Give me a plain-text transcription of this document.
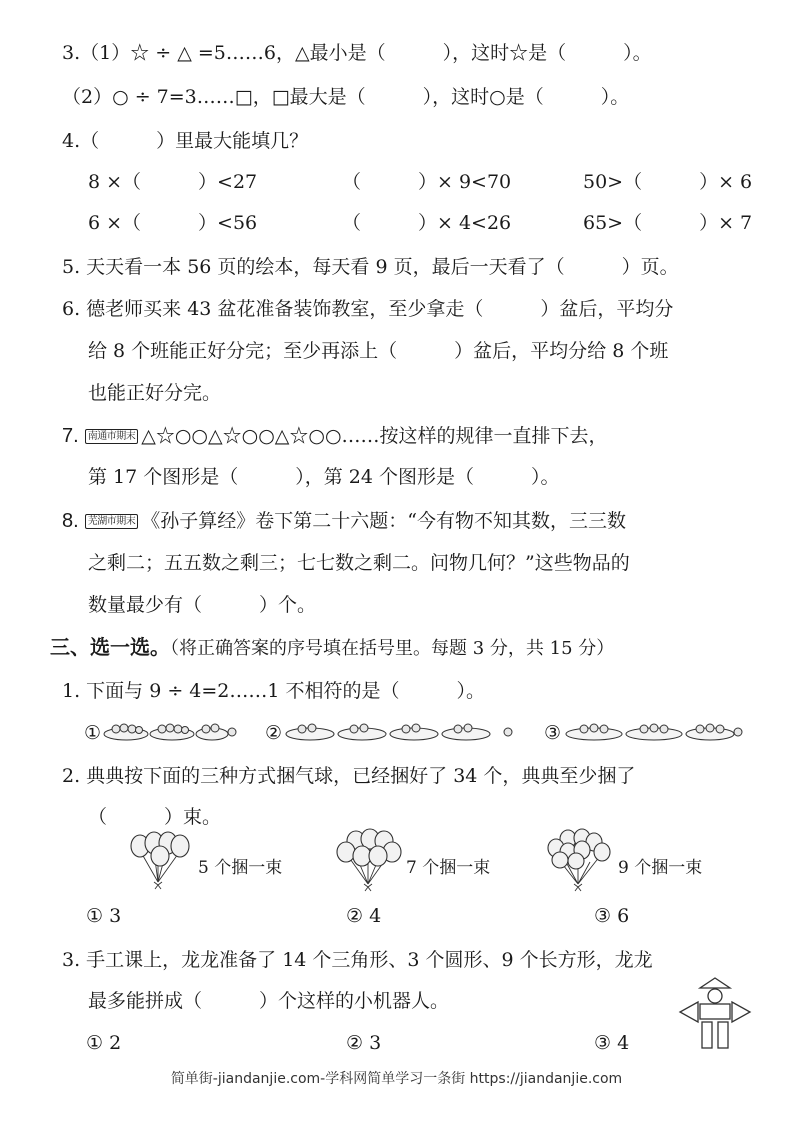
3.（1）☆ ÷ △ =5……6，△最小是（　　　），这时☆是（　　　）。
（2）○ ÷ 7=3……□，□最大是（　　　），这时○是（　　　）。
4.（　　　）里最大能填几？
8 ×（　　　）<27	（　　　）× 9<70	50>（　　　）× 6
6 ×（　　　）<56	（　　　）× 4<26	65>（　　　）× 7
5. 天天看一本 56 页的绘本，每天看 9 页，最后一天看了（　　　）页。
6. 德老师买来 43 盆花准备装饰教室，至少拿走（　　　）盆后，平均分
给 8 个班能正好分完；至少再添上（　　　）盆后，平均分给 8 个班
也能正好分完。
7. 南通市期末 △☆○○△☆○○△☆○○……按这样的规律一直排下去，
第 17 个图形是（　　　），第 24 个图形是（　　　）。
8. 芜湖市期末 《孙子算经》卷下第二十六题：“今有物不知其数，三三数
之剩二；五五数之剩三；七七数之剩二。问物几何？”这些物品的
数量最少有（　　　）个。
三、选一选。（将正确答案的序号填在括号里。每题 3 分，共 15 分）
1. 下面与 9 ÷ 4=2……1 不相符的是（　　　）。
①	②	③
2. 典典按下面的三种方式捆气球，已经捆好了 34 个，典典至少捆了
（　　　）束。
5 个捆一束	7 个捆一束	9 个捆一束
① 3	② 4	③ 6
3. 手工课上，龙龙准备了 14 个三角形、3 个圆形、9 个长方形，龙龙
最多能拼成（　　　）个这样的小机器人。
① 2	② 3	③ 4
简单街-jiandanjie.com-学科网简单学习一条街 https://jiandanjie.com
